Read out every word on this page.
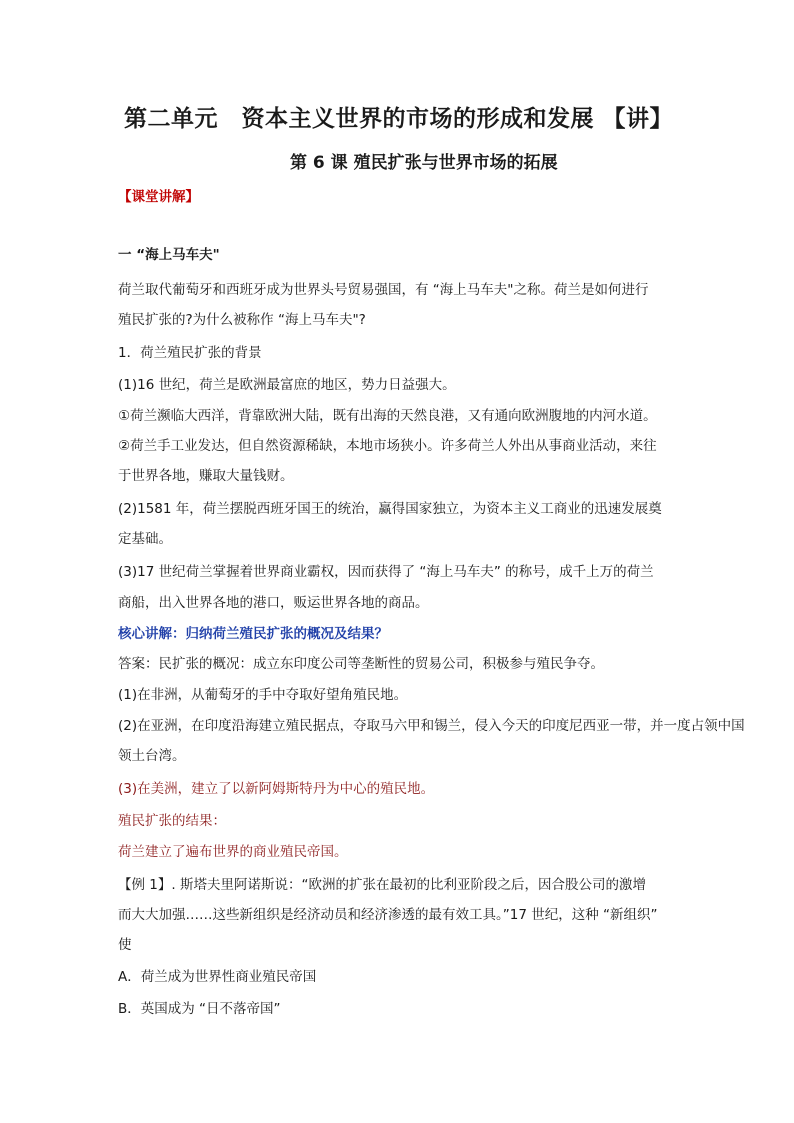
第二单元　资本主义世界的市场的形成和发展 【讲】
第 6 课 殖民扩张与世界市场的拓展
【课堂讲解】
一 “海上马车夫"
荷兰取代葡萄牙和西班牙成为世界头号贸易强国，有 “海上马车夫"之称。荷兰是如何进行
殖民扩张的?为什么被称作 “海上马车夫"?
1．荷兰殖民扩张的背景
(1)16 世纪，荷兰是欧洲最富庶的地区，势力日益强大。
①荷兰濒临大西洋，背靠欧洲大陆，既有出海的天然良港，又有通向欧洲腹地的内河水道。
②荷兰手工业发达，但自然资源稀缺，本地市场狭小。许多荷兰人外出从事商业活动，来往
于世界各地，赚取大量钱财。
(2)1581 年，荷兰摆脱西班牙国王的统治，赢得国家独立，为资本主义工商业的迅速发展奠
定基础。
(3)17 世纪荷兰掌握着世界商业霸权，因而获得了 “海上马车夫” 的称号，成千上万的荷兰
商船，出入世界各地的港口，贩运世界各地的商品。
核心讲解：归纳荷兰殖民扩张的概况及结果？
答案：民扩张的概况：成立东印度公司等垄断性的贸易公司，积极参与殖民争夺。
(1)在非洲，从葡萄牙的手中夺取好望角殖民地。
(2)在亚洲，在印度沿海建立殖民据点，夺取马六甲和锡兰，侵入今天的印度尼西亚一带，并一度占领中国
领土台湾。
(3)在美洲，建立了以新阿姆斯特丹为中心的殖民地。
殖民扩张的结果：
荷兰建立了遍布世界的商业殖民帝国。
【例 1】. 斯塔夫里阿诺斯说：“欧洲的扩张在最初的比利亚阶段之后，因合股公司的激增
而大大加强……这些新组织是经济动员和经济渗透的最有效工具。”17 世纪，这种 “新组织”
使
A．荷兰成为世界性商业殖民帝国
B．英国成为 “日不落帝国”
